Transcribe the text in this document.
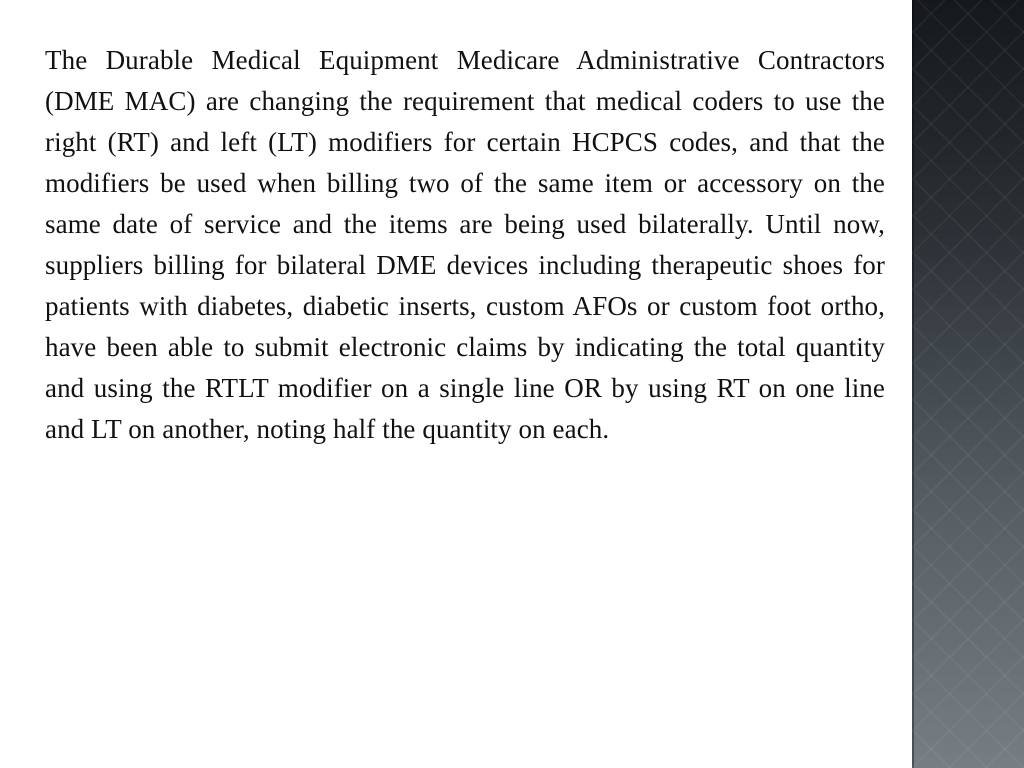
The Durable Medical Equipment Medicare Administrative Contractors (DME MAC) are changing the requirement that medical coders to use the right (RT) and left (LT) modifiers for certain HCPCS codes, and that the modifiers be used when billing two of the same item or accessory on the same date of service and the items are being used bilaterally. Until now, suppliers billing for bilateral DME devices including therapeutic shoes for patients with diabetes, diabetic inserts, custom AFOs or custom foot ortho, have been able to submit electronic claims by indicating the total quantity and using the RTLT modifier on a single line OR by using RT on one line and LT on another, noting half the quantity on each.
